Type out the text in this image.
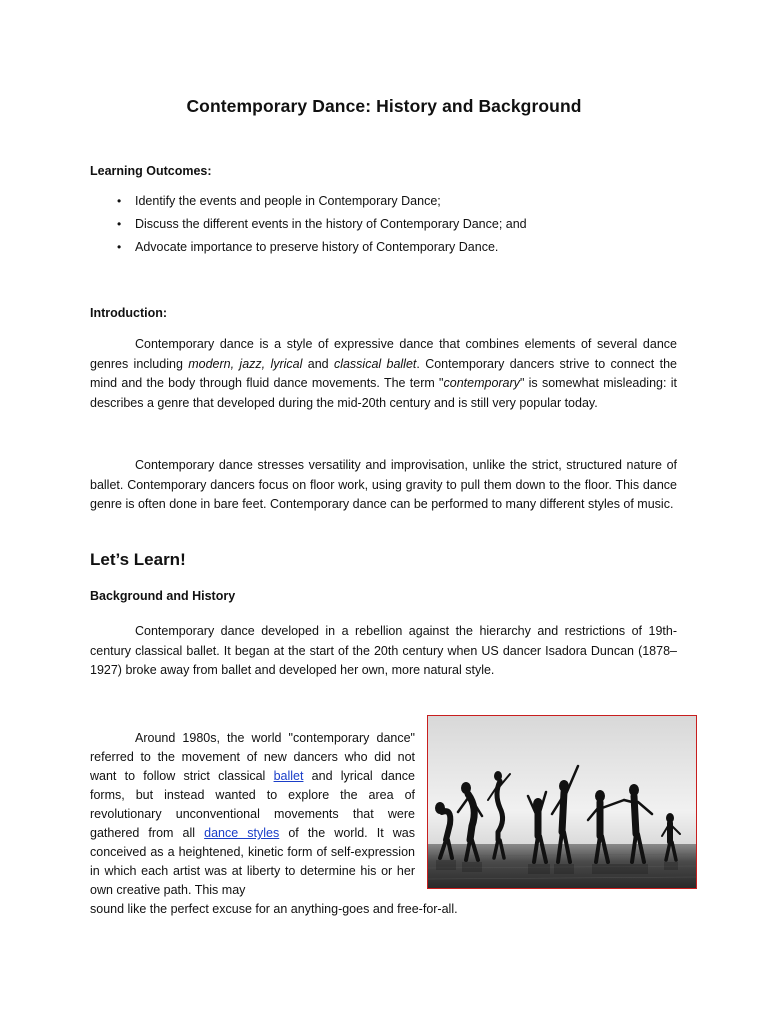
Contemporary Dance: History and Background
Learning Outcomes:
• Identify the events and people in Contemporary Dance;
• Discuss the different events in the history of Contemporary Dance; and
• Advocate importance to preserve history of Contemporary Dance.
Introduction:

Contemporary dance is a style of expressive dance that combines elements of several dance genres including modern, jazz, lyrical and classical ballet. Contemporary dancers strive to connect the mind and the body through fluid dance movements. The term "contemporary" is somewhat misleading: it describes a genre that developed during the mid-20th century and is still very popular today.

Contemporary dance stresses versatility and improvisation, unlike the strict, structured nature of ballet. Contemporary dancers focus on floor work, using gravity to pull them down to the floor. This dance genre is often done in bare feet. Contemporary dance can be performed to many different styles of music.

Let’s Learn!
Background and History

Contemporary dance developed in a rebellion against the hierarchy and restrictions of 19th-century classical ballet. It began at the start of the 20th century when US dancer Isadora Duncan (1878–1927) broke away from ballet and developed her own, more natural style.

Around 1980s, the world "contemporary dance" referred to the movement of new dancers who did not want to follow strict classical ballet and lyrical dance forms, but instead wanted to explore the area of revolutionary unconventional movements that were gathered from all dance styles of the world. It was conceived as a heightened, kinetic form of self-expression in which each artist was at liberty to determine his or her own creative path. This may
sound like the perfect excuse for an anything-goes and free-for-all.
